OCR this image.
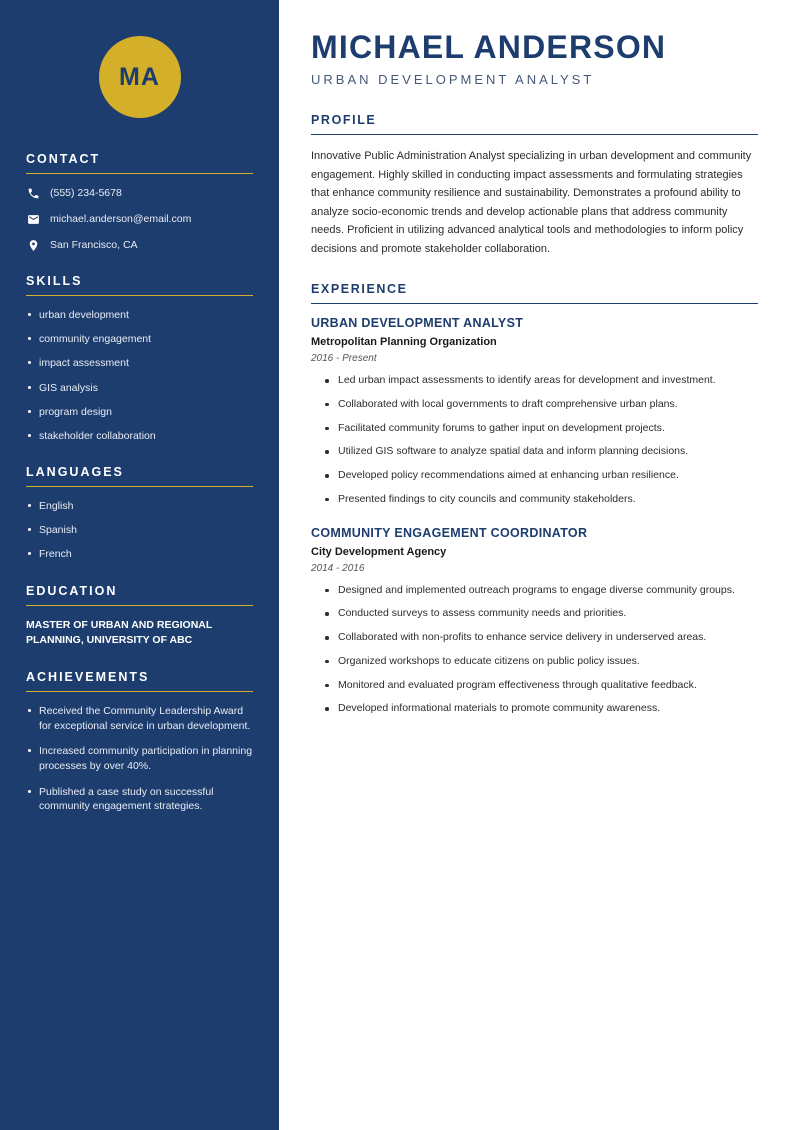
MA
CONTACT
(555) 234-5678
michael.anderson@email.com
San Francisco, CA
SKILLS
urban development
community engagement
impact assessment
GIS analysis
program design
stakeholder collaboration
LANGUAGES
English
Spanish
French
EDUCATION
MASTER OF URBAN AND REGIONAL PLANNING, UNIVERSITY OF ABC
ACHIEVEMENTS
Received the Community Leadership Award for exceptional service in urban development.
Increased community participation in planning processes by over 40%.
Published a case study on successful community engagement strategies.
MICHAEL ANDERSON
URBAN DEVELOPMENT ANALYST
PROFILE

Innovative Public Administration Analyst specializing in urban development and community engagement. Highly skilled in conducting impact assessments and formulating strategies that enhance community resilience and sustainability. Demonstrates a profound ability to analyze socio-economic trends and develop actionable plans that address community needs. Proficient in utilizing advanced analytical tools and methodologies to inform policy decisions and promote stakeholder collaboration.

EXPERIENCE
URBAN DEVELOPMENT ANALYST
Metropolitan Planning Organization
2016 - Present
Led urban impact assessments to identify areas for development and investment.
Collaborated with local governments to draft comprehensive urban plans.
Facilitated community forums to gather input on development projects.
Utilized GIS software to analyze spatial data and inform planning decisions.
Developed policy recommendations aimed at enhancing urban resilience.
Presented findings to city councils and community stakeholders.
COMMUNITY ENGAGEMENT COORDINATOR
City Development Agency
2014 - 2016
Designed and implemented outreach programs to engage diverse community groups.
Conducted surveys to assess community needs and priorities.
Collaborated with non-profits to enhance service delivery in underserved areas.
Organized workshops to educate citizens on public policy issues.
Monitored and evaluated program effectiveness through qualitative feedback.
Developed informational materials to promote community awareness.
